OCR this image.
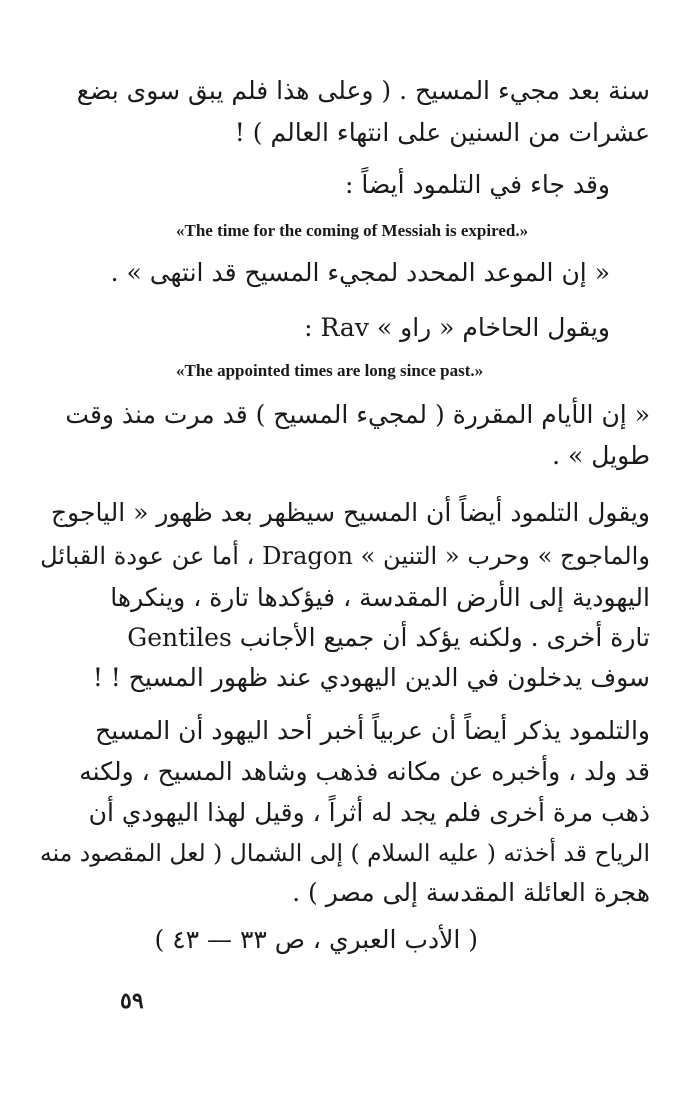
سنة بعد مجيء المسيح . ( وعلى هذا فلم يبق سوى بضع
عشرات من السنين على انتهاء العالم ) !
وقد جاء في التلمود أيضاً :
«The time for the coming of Messiah is expired.»
« إن الموعد المحدد لمجيء المسيح قد انتهى » .
ويقول الحاخام « راو » Rav :
«The appointed times are long since past.»
« إن الأيام المقررة ( لمجيء المسيح ) قد مرت منذ وقت
طويل » .
ويقول التلمود أيضاً أن المسيح سيظهر بعد ظهور « الياجوج
والماجوج » وحرب « التنين » Dragon ، أما عن عودة القبائل
اليهودية إلى الأرض المقدسة ، فيؤكدها تارة ، وينكرها
تارة أخرى . ولكنه يؤكد أن جميع الأجانب Gentiles
سوف يدخلون في الدين اليهودي عند ظهور المسيح ! !
والتلمود يذكر أيضاً أن عربياً أخبر أحد اليهود أن المسيح
قد ولد ، وأخبره عن مكانه فذهب وشاهد المسيح ، ولكنه
ذهب مرة أخرى فلم يجد له أثراً ، وقيل لهذا اليهودي أن
الرياح قد أخذته ( عليه السلام ) إلى الشمال ( لعل المقصود منه
هجرة العائلة المقدسة إلى مصر ) .
( الأدب العبري ، ص ٣٣ — ٤٣ )
٥٩
